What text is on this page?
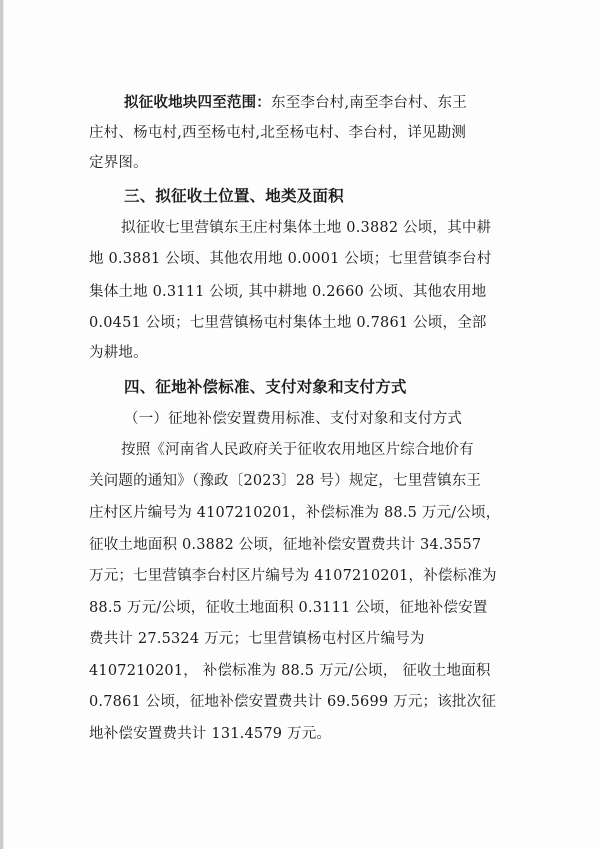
拟征收地块四至范围：东至李台村,南至李台村、东王
庄村、杨屯村,西至杨屯村,北至杨屯村、李台村，详见勘测
定界图。
三、拟征收土位置、地类及面积
拟征收七里营镇东王庄村集体土地 0.3882 公顷，其中耕
地 0.3881 公顷、其他农用地 0.0001 公顷；七里营镇李台村
集体土地 0.3111 公顷, 其中耕地 0.2660 公顷、其他农用地
0.0451 公顷；七里营镇杨屯村集体土地 0.7861 公顷，全部
为耕地。
四、征地补偿标准、支付对象和支付方式
（一）征地补偿安置费用标准、支付对象和支付方式
按照《河南省人民政府关于征收农用地区片综合地价有
关问题的通知》（豫政〔2023〕28 号）规定，七里营镇东王
庄村区片编号为 4107210201，补偿标准为 88.5 万元/公顷，
征收土地面积 0.3882 公顷，征地补偿安置费共计 34.3557
万元；七里营镇李台村区片编号为 4107210201，补偿标准为
88.5 万元/公顷，征收土地面积 0.3111 公顷，征地补偿安置
费共计 27.5324 万元；七里营镇杨屯村区片编号为
4107210201， 补偿标准为 88.5 万元/公顷， 征收土地面积
0.7861 公顷，征地补偿安置费共计 69.5699 万元；该批次征
地补偿安置费共计 131.4579 万元。
